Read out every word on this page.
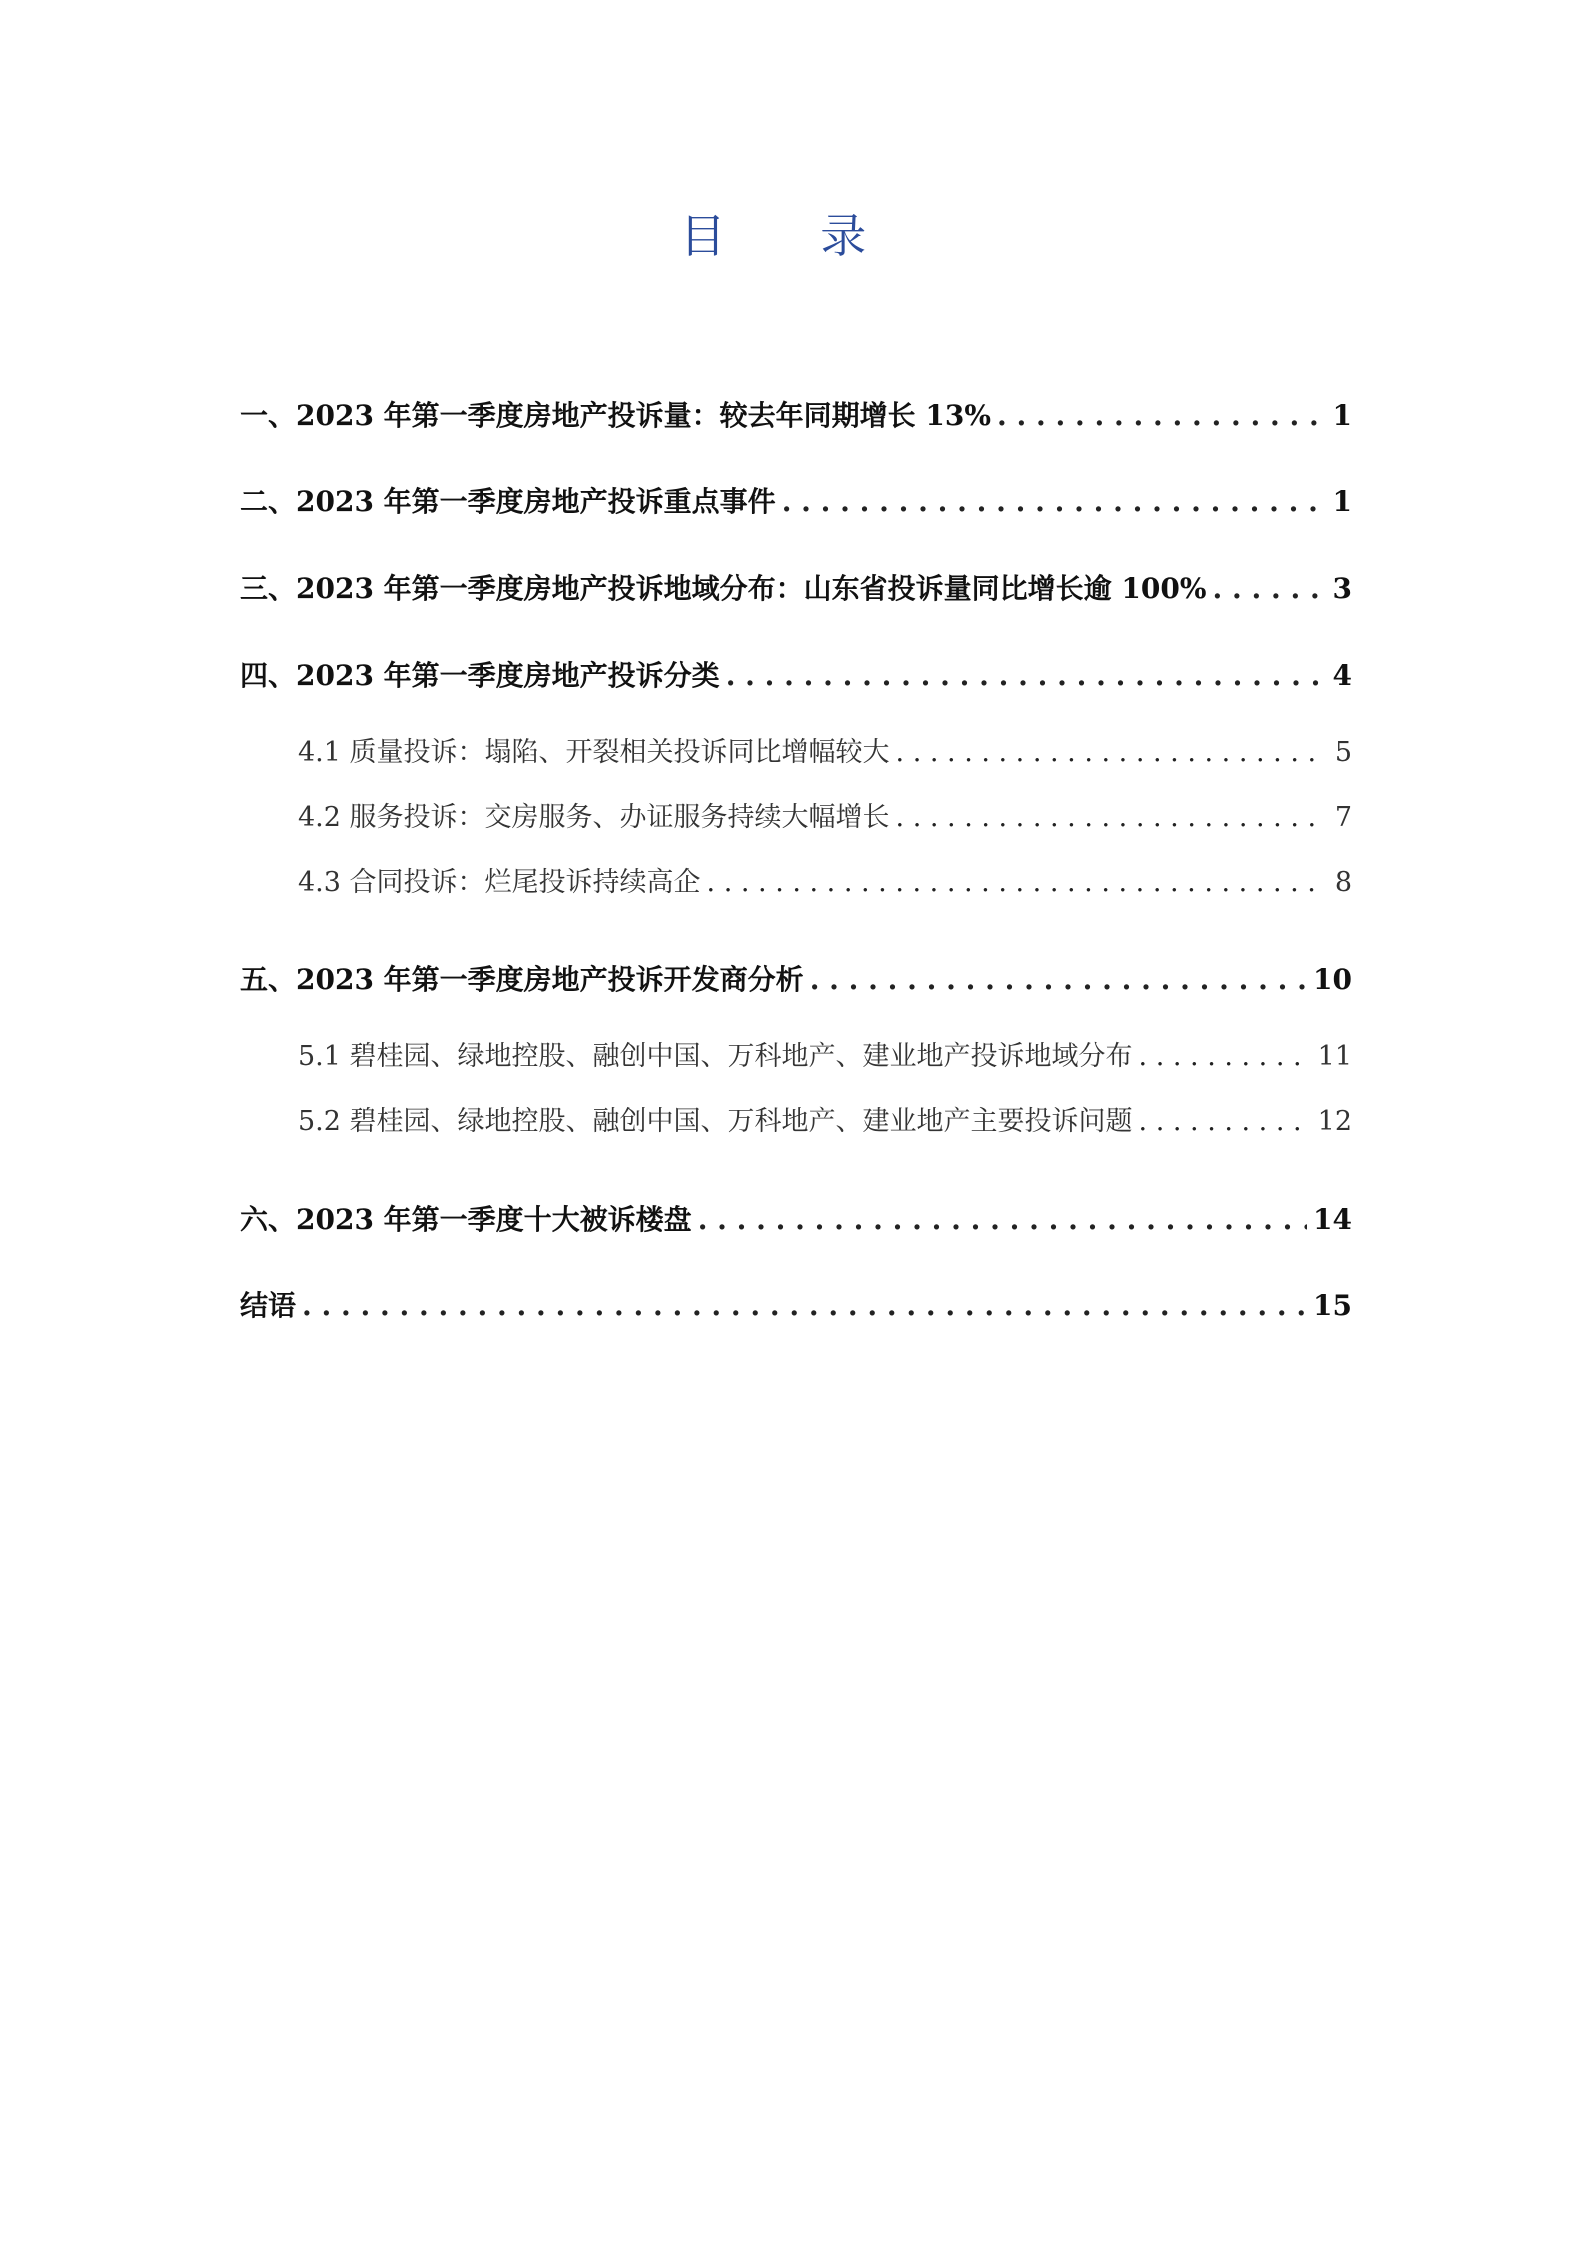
目 录
一、2023 年第一季度房地产投诉量：较去年同期增长 13% . . .	1
二、2023 年第一季度房地产投诉重点事件 . . .	1
三、2023 年第一季度房地产投诉地域分布：山东省投诉量同比增长逾 100% . . .	3
四、2023 年第一季度房地产投诉分类 . . .	4
4.1 质量投诉：塌陷、开裂相关投诉同比增幅较大 . . .	5
4.2 服务投诉：交房服务、办证服务持续大幅增长 . . .	7
4.3 合同投诉：烂尾投诉持续高企 . . .	8
五、2023 年第一季度房地产投诉开发商分析 . . .	10
5.1 碧桂园、绿地控股、融创中国、万科地产、建业地产投诉地域分布 . . .	11
5.2 碧桂园、绿地控股、融创中国、万科地产、建业地产主要投诉问题 . . .	12
六、2023 年第一季度十大被诉楼盘 . . .	14
结语 . . .	15
